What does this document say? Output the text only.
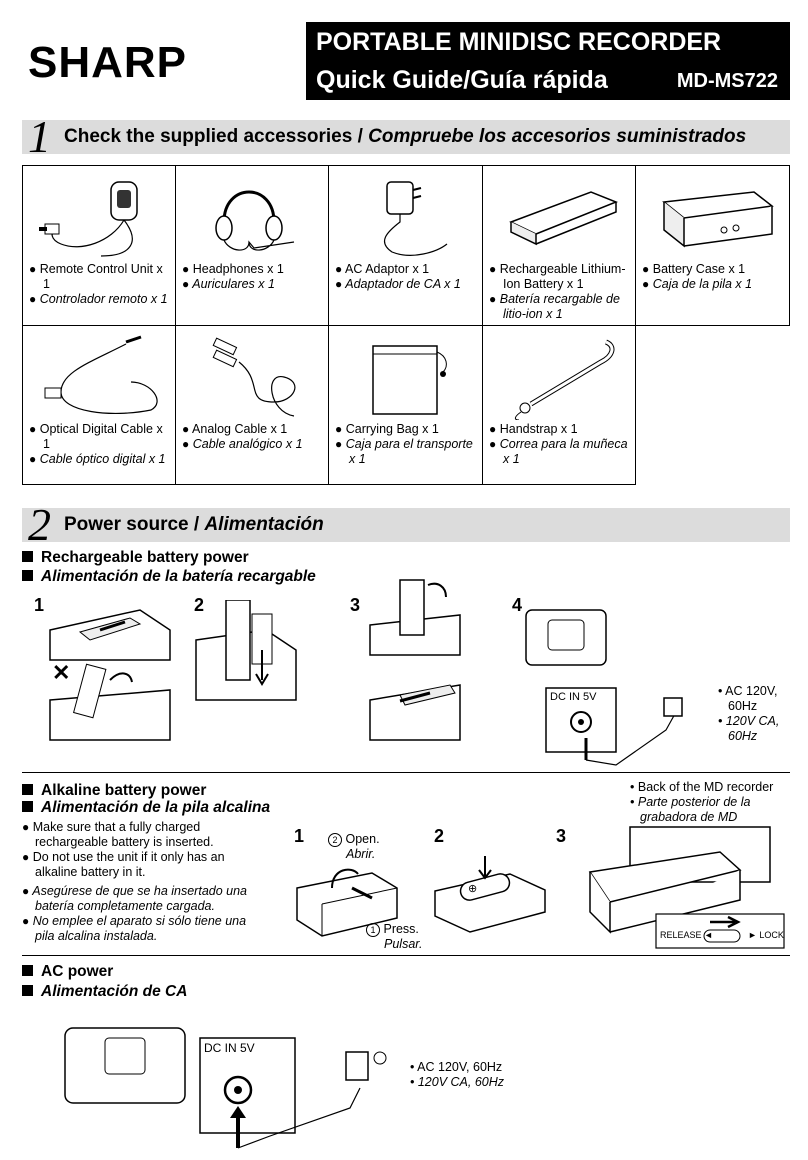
SHARP	PORTABLE MINIDISC RECORDER
Quick Guide/Guía rápida	MD-MS722
1 Check the supplied accessories / Compruebe los accesorios suministrados
● Remote Control Unit x 1
● Controlador remoto x 1
● Headphones x 1
● Auriculares x 1
● AC Adaptor x 1
● Adaptador de CA x 1
● Rechargeable Lithium-Ion Battery x 1
● Batería recargable de litio-ion x 1
● Battery Case x 1
● Caja de la pila x 1
● Optical Digital Cable x 1
● Cable óptico digital x 1
● Analog Cable x 1
● Cable analógico x 1
● Carrying Bag x 1
● Caja para el transporte x 1
● Handstrap x 1
● Correa para la muñeca x 1
2 Power source / Alimentación
Rechargeable battery power
Alimentación de la batería recargable
1	2	3	4
✕
DC IN 5V	• AC 120V, 60Hz
• 120V CA, 60Hz
Alkaline battery power
Alimentación de la pila alcalina
● Make sure that a fully charged rechargeable battery is inserted.
● Do not use the unit if it only has an alkaline battery in it.
● Asegúrese de que se ha insertado una batería completamente cargada.
● No emplee el aparato si sólo tiene una pila alcalina instalada.
1	2	3
2 Open.
Abrir.
1 Press.
Pulsar.
⊕
• Back of the MD recorder
• Parte posterior de la grabadora de MD
RELEASE ◄	► LOCK
AC power
Alimentación de CA
DC IN 5V
• AC 120V, 60Hz
• 120V CA, 60Hz
